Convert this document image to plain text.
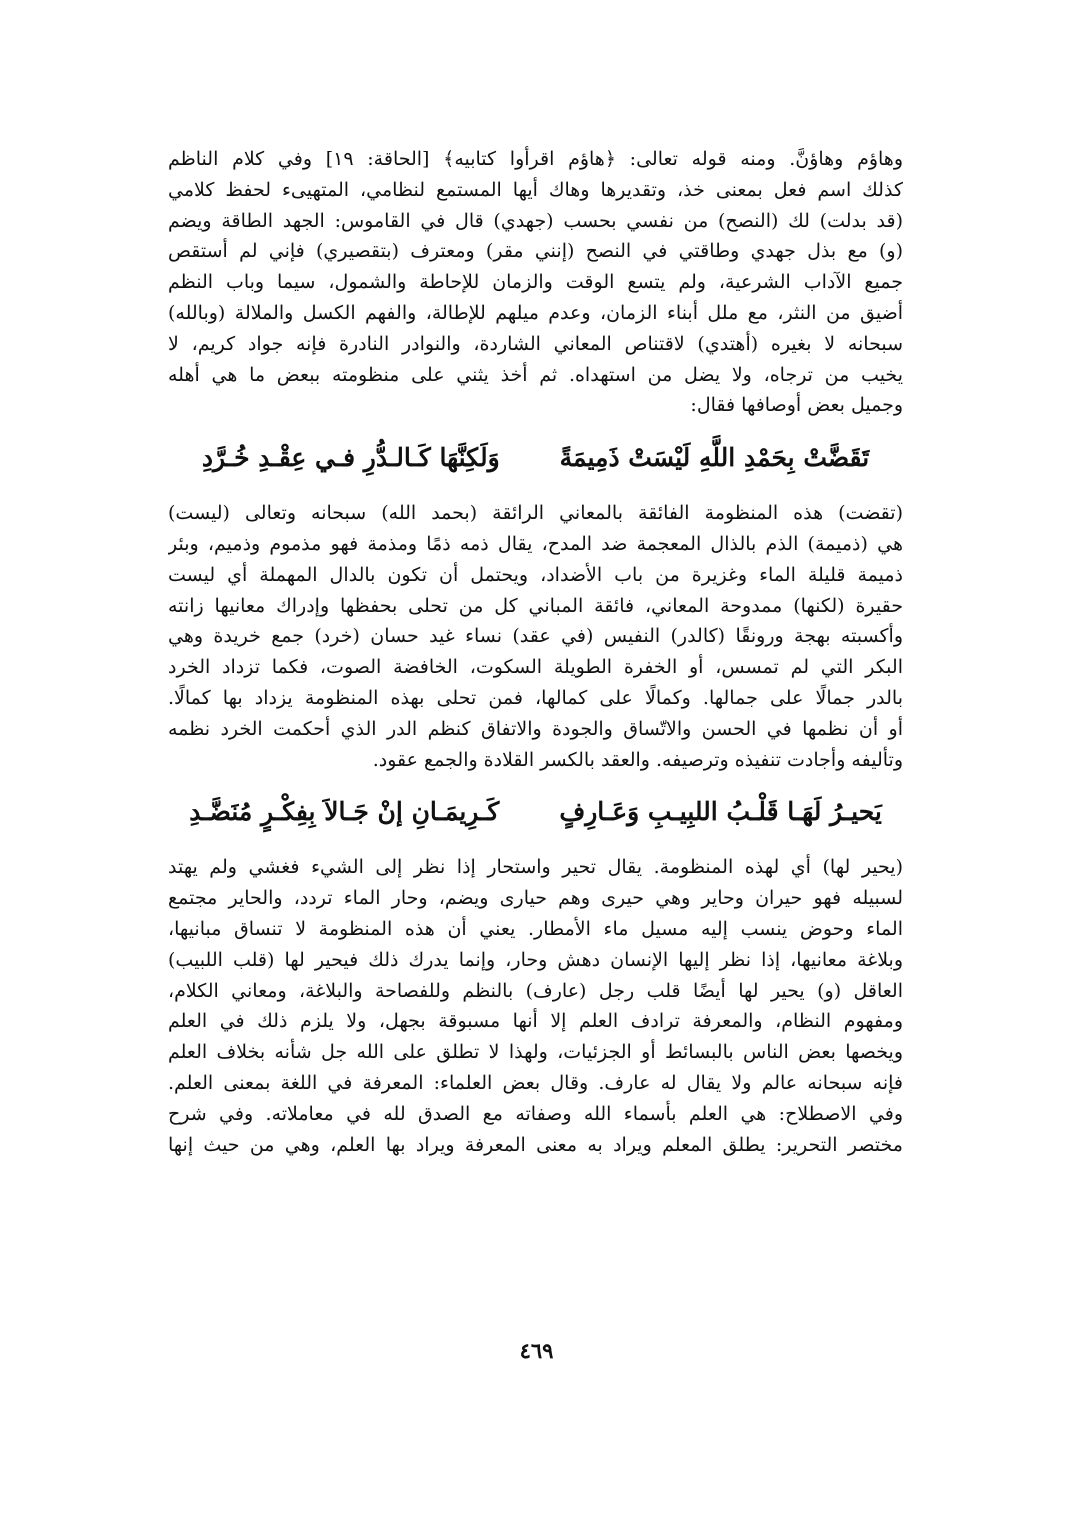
وهاؤم وهاؤنَّ. ومنه قوله تعالى: ﴿هاؤم اقرأوا كتابيه﴾ [الحاقة: ١٩] وفي كلام الناظم
كذلك اسم فعل بمعنى خذ، وتقديرها وهاك أيها المستمع لنظامي، المتهيىء لحفظ كلامي
(قد بدلت) لك (النصح) من نفسي بحسب (جهدي) قال في القاموس: الجهد الطاقة ويضم
(و) مع بذل جهدي وطاقتي في النصح (إنني مقر) ومعترف (بتقصيري) فإني لم أستقص
جميع الآداب الشرعية، ولم يتسع الوقت والزمان للإحاطة والشمول، سيما وباب النظم
أضيق من النثر، مع ملل أبناء الزمان، وعدم ميلهم للإطالة، والفهم الكسل والملالة (وبالله)
سبحانه لا بغيره (أهتدي) لاقتناص المعاني الشاردة، والنوادر النادرة فإنه جواد كريم، لا
يخيب من ترجاه، ولا يضل من استهداه. ثم أخذ يثني على منظومته ببعض ما هي أهله
وجميل بعض أوصافها فقال:
تَقَضَّتْ بِحَمْدِ اللَّهِ لَيْسَتْ ذَمِيمَةً
وَلَكِنَّهَا كَـالـدُّرِ فـي عِقْـدِ خُـرَّدِ
(تقضت) هذه المنظومة الفائقة بالمعاني الرائقة (بحمد الله) سبحانه وتعالى (ليست)
هي (ذميمة) الذم بالذال المعجمة ضد المدح، يقال ذمه ذمًا ومذمة فهو مذموم وذميم، وبئر
ذميمة قليلة الماء وغزيرة من باب الأضداد، ويحتمل أن تكون بالدال المهملة أي ليست
حقيرة (لكنها) ممدوحة المعاني، فائقة المباني كل من تحلى بحفظها وإدراك معانيها زانته
وأكسبته بهجة ورونقًا (كالدر) النفيس (في عقد) نساء غيد حسان (خرد) جمع خريدة وهي
البكر التي لم تمسس، أو الخفرة الطويلة السكوت، الخافضة الصوت، فكما تزداد الخرد
بالدر جمالًا على جمالها. وكمالًا على كمالها، فمن تحلى بهذه المنظومة يزداد بها كمالًا.
أو أن نظمها في الحسن والاتّساق والجودة والاتفاق كنظم الدر الذي أحكمت الخرد نظمه
وتأليفه وأجادت تنفيذه وترصيفه. والعقد بالكسر القلادة والجمع عقود.
يَحيـرُ لَهَـا قَلْـبُ اللبِيـبِ وَعَـارِفٍ
كَـرِيمَـانِ إنْ جَـالاَ بِفِكْـرٍ مُنَضَّـدِ
(يحير لها) أي لهذه المنظومة. يقال تحير واستحار إذا نظر إلى الشيء فغشي ولم يهتد
لسبيله فهو حيران وحاير وهي حيرى وهم حيارى ويضم، وحار الماء تردد، والحاير مجتمع
الماء وحوض ينسب إليه مسيل ماء الأمطار. يعني أن هذه المنظومة لا تنساق مبانيها،
وبلاغة معانيها، إذا نظر إليها الإنسان دهش وحار، وإنما يدرك ذلك فيحير لها (قلب اللبيب)
العاقل (و) يحير لها أيضًا قلب رجل (عارف) بالنظم وللفصاحة والبلاغة، ومعاني الكلام،
ومفهوم النظام، والمعرفة ترادف العلم إلا أنها مسبوقة بجهل، ولا يلزم ذلك في العلم
ويخصها بعض الناس بالبسائط أو الجزئيات، ولهذا لا تطلق على الله جل شأنه بخلاف العلم
فإنه سبحانه عالم ولا يقال له عارف. وقال بعض العلماء: المعرفة في اللغة بمعنى العلم.
وفي الاصطلاح: هي العلم بأسماء الله وصفاته مع الصدق لله في معاملاته. وفي شرح
مختصر التحرير: يطلق المعلم ويراد به معنى المعرفة ويراد بها العلم، وهي من حيث إنها
٤٦٩
